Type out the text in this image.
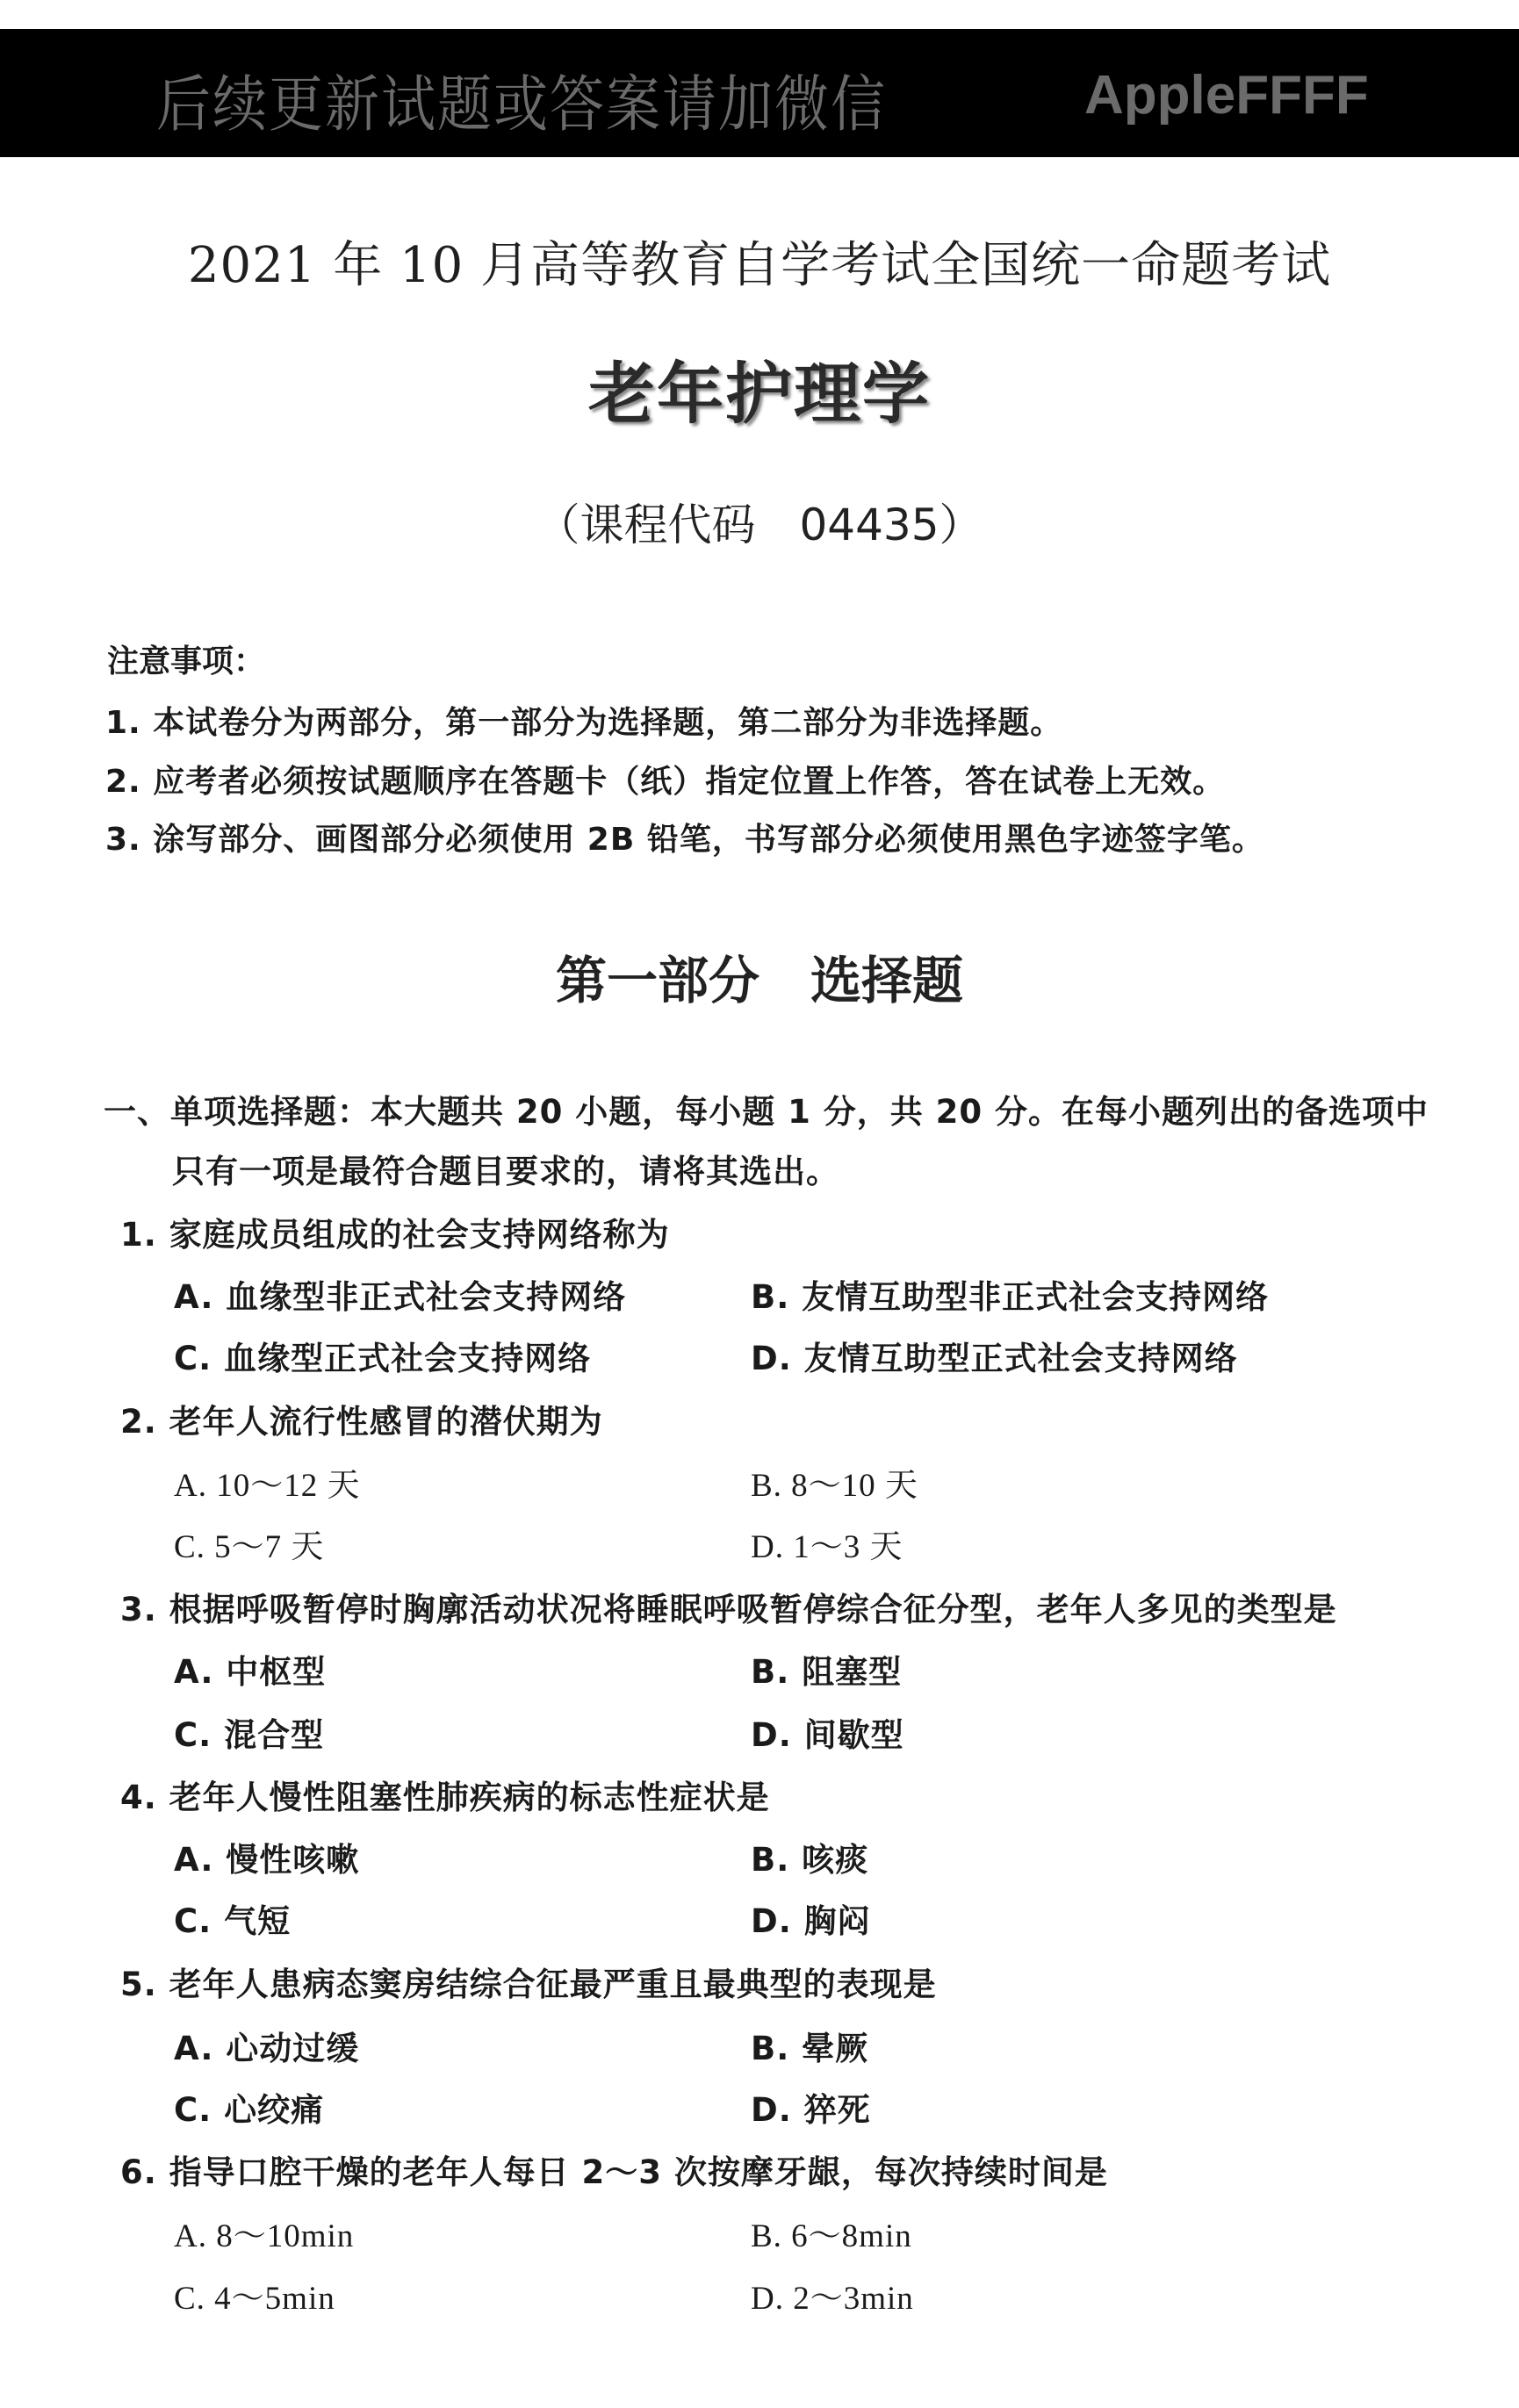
后续更新试题或答案请加微信	AppleFFFF
2021 年 10 月高等教育自学考试全国统一命题考试
老年护理学
（课程代码　04435）
注意事项：
1. 本试卷分为两部分，第一部分为选择题，第二部分为非选择题。
2. 应考者必须按试题顺序在答题卡（纸）指定位置上作答，答在试卷上无效。
3. 涂写部分、画图部分必须使用 2B 铅笔，书写部分必须使用黑色字迹签字笔。
第一部分　选择题
一、单项选择题：本大题共 20 小题，每小题 1 分，共 20 分。在每小题列出的备选项中
只有一项是最符合题目要求的，请将其选出。
1. 家庭成员组成的社会支持网络称为
A. 血缘型非正式社会支持网络	B. 友情互助型非正式社会支持网络
C. 血缘型正式社会支持网络	D. 友情互助型正式社会支持网络
2. 老年人流行性感冒的潜伏期为
A. 10～12 天	B. 8～10 天
C. 5～7 天	D. 1～3 天
3. 根据呼吸暂停时胸廓活动状况将睡眠呼吸暂停综合征分型，老年人多见的类型是
A. 中枢型	B. 阻塞型
C. 混合型	D. 间歇型
4. 老年人慢性阻塞性肺疾病的标志性症状是
A. 慢性咳嗽	B. 咳痰
C. 气短	D. 胸闷
5. 老年人患病态窦房结综合征最严重且最典型的表现是
A. 心动过缓	B. 晕厥
C. 心绞痛	D. 猝死
6. 指导口腔干燥的老年人每日 2～3 次按摩牙龈，每次持续时间是
A. 8～10min	B. 6～8min
C. 4～5min	D. 2～3min
